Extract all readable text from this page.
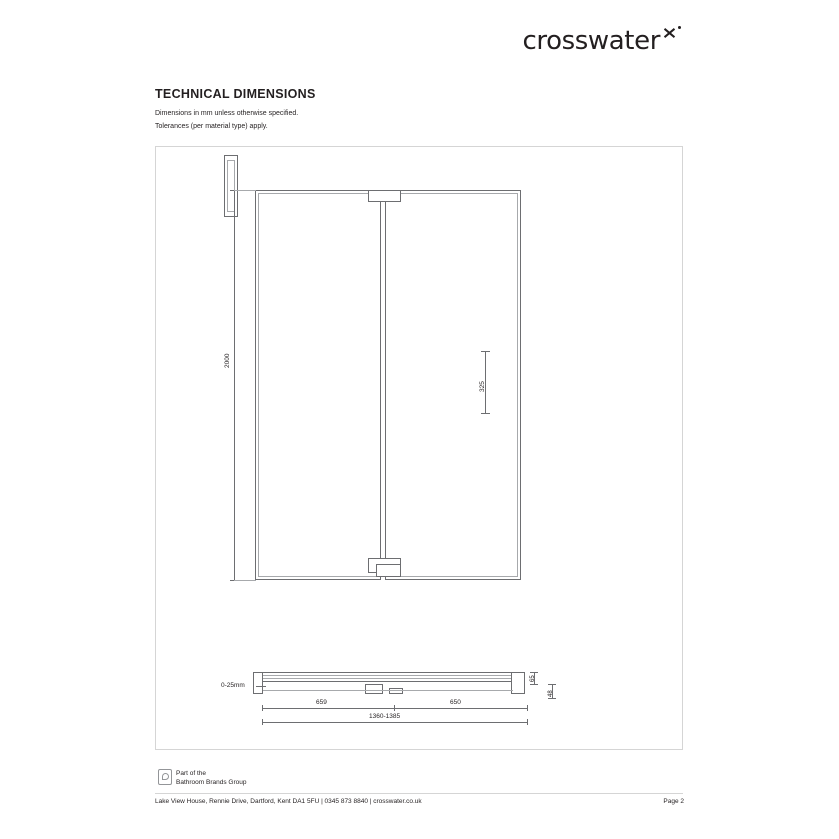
crosswater
TECHNICAL DIMENSIONS
Dimensions in mm unless otherwise specified.
Tolerances (per material type) apply.
2000
325
0-25mm
65
48
659	650
1360-1385
Part of the
Bathroom Brands Group
Lake View House, Rennie Drive, Dartford, Kent DA1 5FU | 0345 873 8840 | crosswater.co.uk	Page 2
